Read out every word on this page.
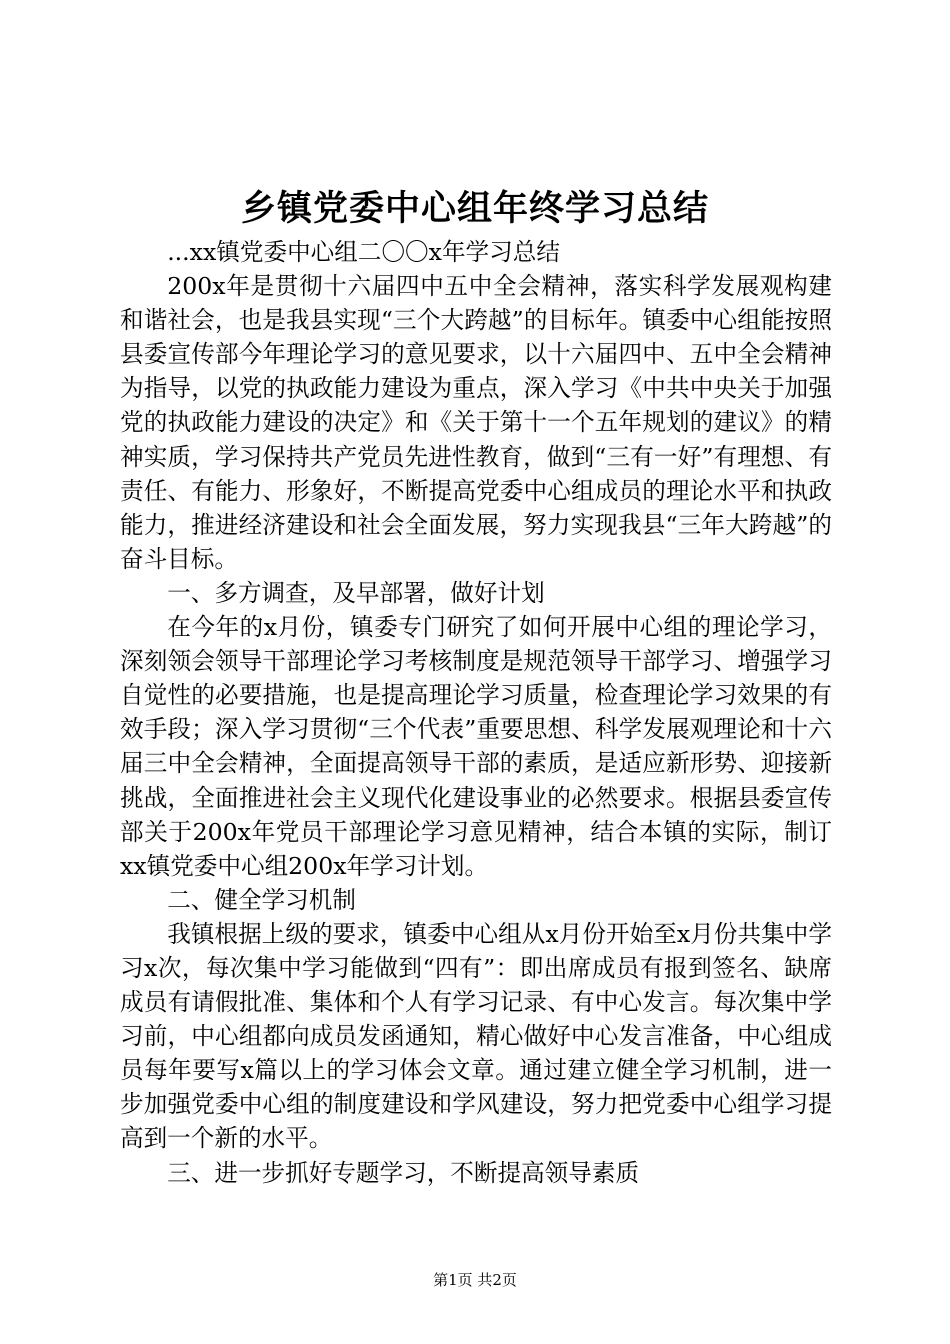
乡镇党委中心组年终学习总结

...xx镇党委中心组二〇〇x年学习总结

200x年是贯彻十六届四中五中全会精神，落实科学发展观构建和谐社会，也是我县实现“三个大跨越”的目标年。镇委中心组能按照县委宣传部今年理论学习的意见要求，以十六届四中、五中全会精神为指导，以党的执政能力建设为重点，深入学习《中共中央关于加强党的执政能力建设的决定》和《关于第十一个五年规划的建议》的精神实质，学习保持共产党员先进性教育，做到“三有一好”有理想、有责任、有能力、形象好，不断提高党委中心组成员的理论水平和执政能力，推进经济建设和社会全面发展，努力实现我县“三年大跨越”的奋斗目标。

一、多方调查，及早部署，做好计划

在今年的x月份，镇委专门研究了如何开展中心组的理论学习，深刻领会领导干部理论学习考核制度是规范领导干部学习、增强学习自觉性的必要措施，也是提高理论学习质量，检查理论学习效果的有效手段；深入学习贯彻“三个代表”重要思想、科学发展观理论和十六届三中全会精神，全面提高领导干部的素质，是适应新形势、迎接新挑战，全面推进社会主义现代化建设事业的必然要求。根据县委宣传部关于200x年党员干部理论学习意见精神，结合本镇的实际，制订xx镇党委中心组200x年学习计划。

二、健全学习机制

我镇根据上级的要求，镇委中心组从x月份开始至x月份共集中学习x次，每次集中学习能做到“四有”：即出席成员有报到签名、缺席成员有请假批准、集体和个人有学习记录、有中心发言。每次集中学习前，中心组都向成员发函通知，精心做好中心发言准备，中心组成员每年要写x篇以上的学习体会文章。通过建立健全学习机制，进一步加强党委中心组的制度建设和学风建设，努力把党委中心组学习提高到一个新的水平。

三、进一步抓好专题学习，不断提高领导素质

第1页 共2页
